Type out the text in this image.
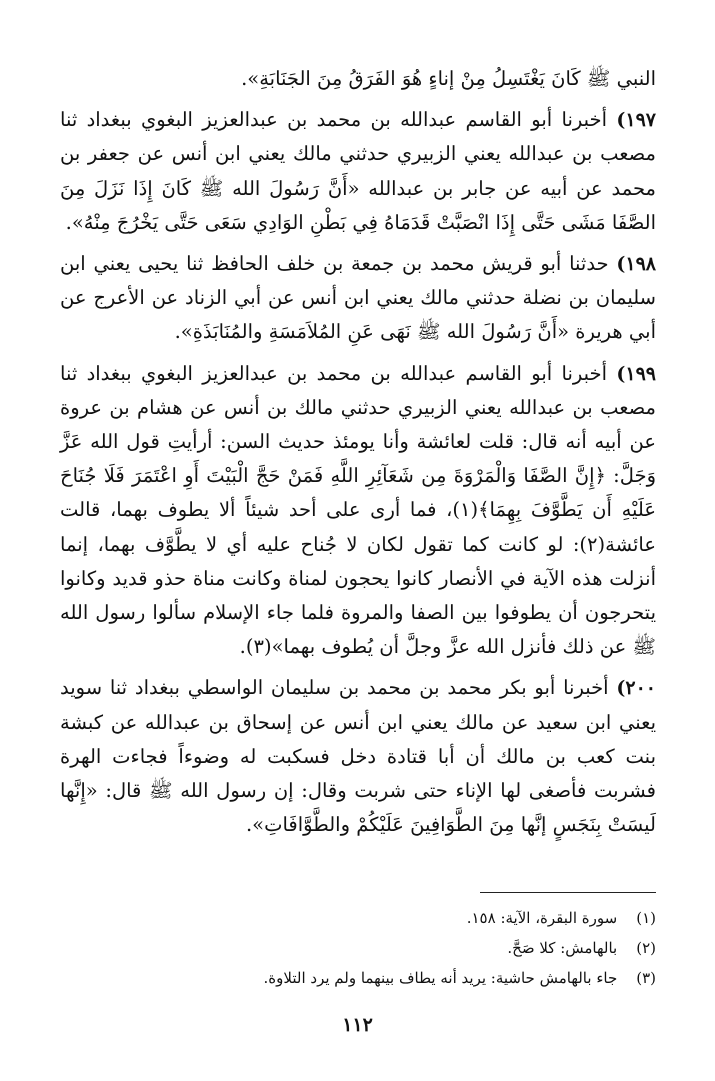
النبي ﷺ كَانَ يَغْتَسِلُ مِنْ إناءٍ هُوَ الفَرَقُ مِنَ الجَنَابَةِ».

١٩٧) أخبرنا أبو القاسم عبدالله بن محمد بن عبدالعزيز البغوي ببغداد ثنا مصعب بن عبدالله يعني الزبيري حدثني مالك يعني ابن أنس عن جعفر بن محمد عن أبيه عن جابر بن عبدالله «أَنَّ رَسُولَ الله ﷺ كَانَ إِذَا نَزَلَ مِنَ الصَّفَا مَشَى حَتَّى إِذَا انْصَبَّتْ قَدَمَاهُ فِي بَطْنِ الوَادِي سَعَى حَتَّى يَخْرُجَ مِنْهُ».

١٩٨) حدثنا أبو قريش محمد بن جمعة بن خلف الحافظ ثنا يحيى يعني ابن سليمان بن نضلة حدثني مالك يعني ابن أنس عن أبي الزناد عن الأعرج عن أبي هريرة «أَنَّ رَسُولَ الله ﷺ نَهَى عَنِ المُلاَمَسَةِ والمُنَابَذَةِ».

١٩٩) أخبرنا أبو القاسم عبدالله بن محمد بن عبدالعزيز البغوي ببغداد ثنا مصعب بن عبدالله يعني الزبيري حدثني مالك بن أنس عن هشام بن عروة عن أبيه أنه قال: قلت لعائشة وأنا يومئذ حديث السن: أرأيتِ قول الله عَزَّ وَجَلَّ: ﴿إِنَّ الصَّفَا وَالْمَرْوَةَ مِن شَعَآئِرِ اللَّهِ فَمَنْ حَجَّ الْبَيْتَ أَوِ اعْتَمَرَ فَلَا جُنَاحَ عَلَيْهِ أَن يَطَّوَّفَ بِهِمَا﴾(١)، فما أرى على أحد شيئاً ألا يطوف بهما، قالت عائشة(٢): لو كانت كما تقول لكان لا جُناح عليه أي لا يطَّوَّف بهما، إنما أنزلت هذه الآية في الأنصار كانوا يحجون لمناة وكانت مناة حذو قديد وكانوا يتحرجون أن يطوفوا بين الصفا والمروة فلما جاء الإسلام سألوا رسول الله ﷺ عن ذلك فأنزل الله عزَّ وجلَّ أن يُطوف بهما»(٣).

٢٠٠) أخبرنا أبو بكر محمد بن محمد بن سليمان الواسطي ببغداد ثنا سويد يعني ابن سعيد عن مالك يعني ابن أنس عن إسحاق بن عبدالله عن كبشة بنت كعب بن مالك أن أبا قتادة دخل فسكبت له وضوءاً فجاءت الهرة فشربت فأصغى لها الإناء حتى شربت وقال: إن رسول الله ﷺ قال: «إِنَّها لَيسَتْ بِنَجَسٍ إنَّها مِنَ الطَّوَافِينَ عَلَيْكُمْ والطَّوَّافَاتِ».

(١) سورة البقرة، الآية: ١٥٨.

(٢) بالهامش: كلا صَحَّ.

(٣) جاء بالهامش حاشية: يريد أنه يطاف بينهما ولم يرد التلاوة.

١١٢
